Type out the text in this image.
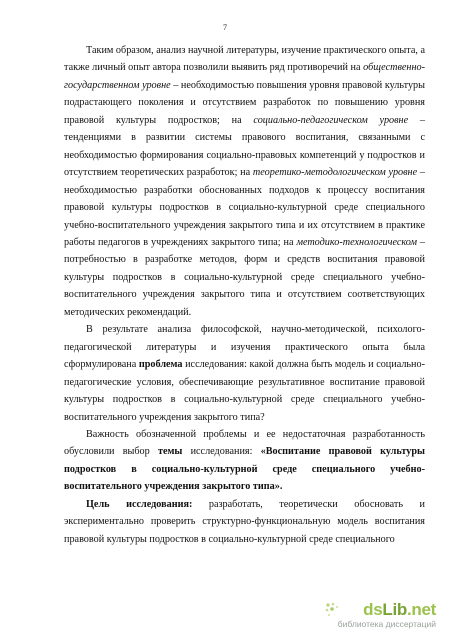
7

Таким образом, анализ научной литературы, изучение практического опыта, а также личный опыт автора позволили выявить ряд противоречий на общественно-государственном уровне – необходимостью повышения уровня правовой культуры подрастающего поколения и отсутствием разработок по повышению уровня правовой культуры подростков; на социально-педагогическом уровне – тенденциями в развитии системы правового воспитания, связанными с необходимостью формирования социально-правовых компетенций у подростков и отсутствием теоретических разработок; на теоретико-методологическом уровне – необходимостью разработки обоснованных подходов к процессу воспитания правовой культуры подростков в социально-культурной среде специального учебно-воспитательного учреждения закрытого типа и их отсутствием в практике работы педагогов в учреждениях закрытого типа; на методико-технологическом – потребностью в разработке методов, форм и средств воспитания правовой культуры подростков в социально-культурной среде специального учебно-воспитательного учреждения закрытого типа и отсутствием соответствующих методических рекомендаций.

В результате анализа философской, научно-методической, психолого-педагогической литературы и изучения практического опыта была сформулирована проблема исследования: какой должна быть модель и социально-педагогические условия, обеспечивающие результативное воспитание правовой культуры подростков в социально-культурной среде специального учебно-воспитательного учреждения закрытого типа?

Важность обозначенной проблемы и ее недостаточная разработанность обусловили выбор темы исследования: «Воспитание правовой культуры подростков в социально-культурной среде специального учебно-воспитательного учреждения закрытого типа».

Цель исследования: разработать, теоретически обосновать и экспериментально проверить структурно-функциональную модель воспитания правовой культуры подростков в социально-культурной среде специального

dsLib.net
библиотека диссертаций
